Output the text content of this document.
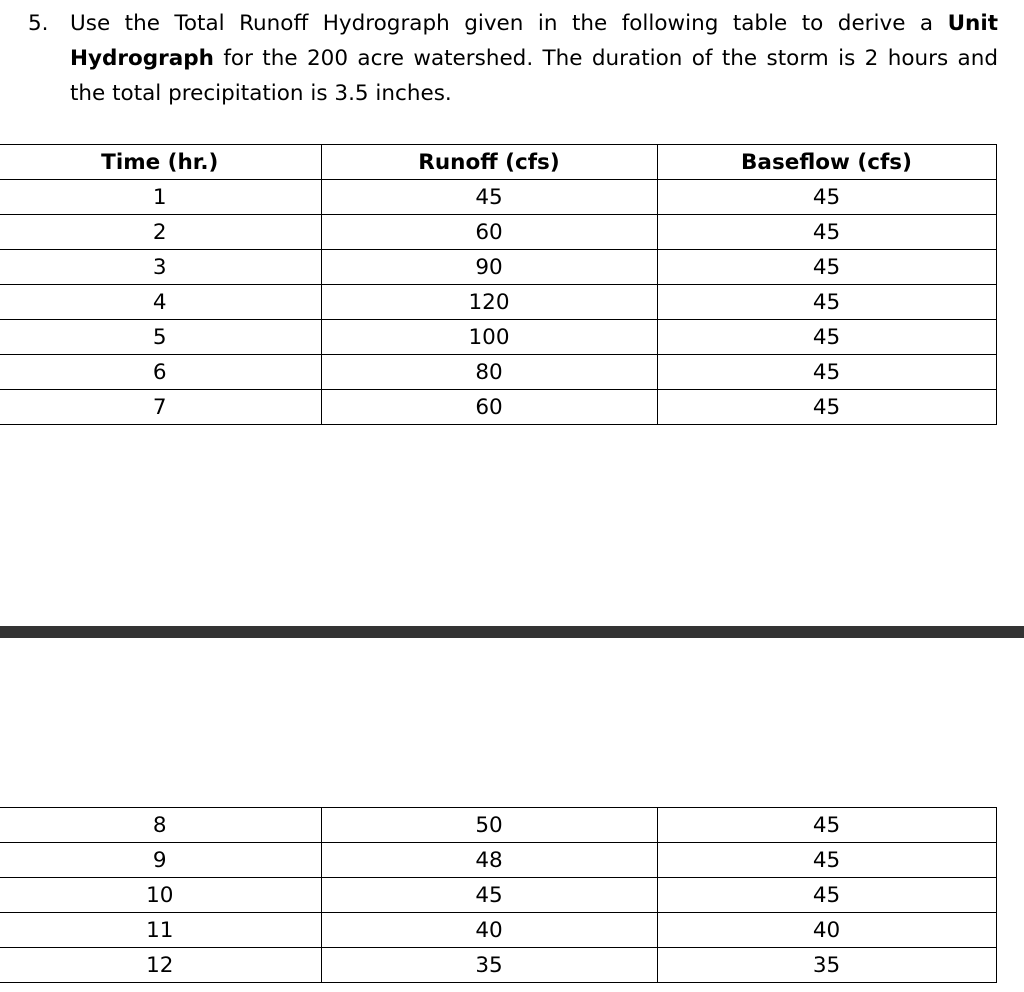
5. Use the Total Runoff Hydrograph given in the following table to derive a Unit Hydrograph for the 200 acre watershed. The duration of the storm is 2 hours and the total precipitation is 3.5 inches.
Time (hr.)	Runoff (cfs)	Baseflow (cfs)
1	45	45
2	60	45
3	90	45
4	120	45
5	100	45
6	80	45
7	60	45
8	50	45
9	48	45
10	45	45
11	40	40
12	35	35
